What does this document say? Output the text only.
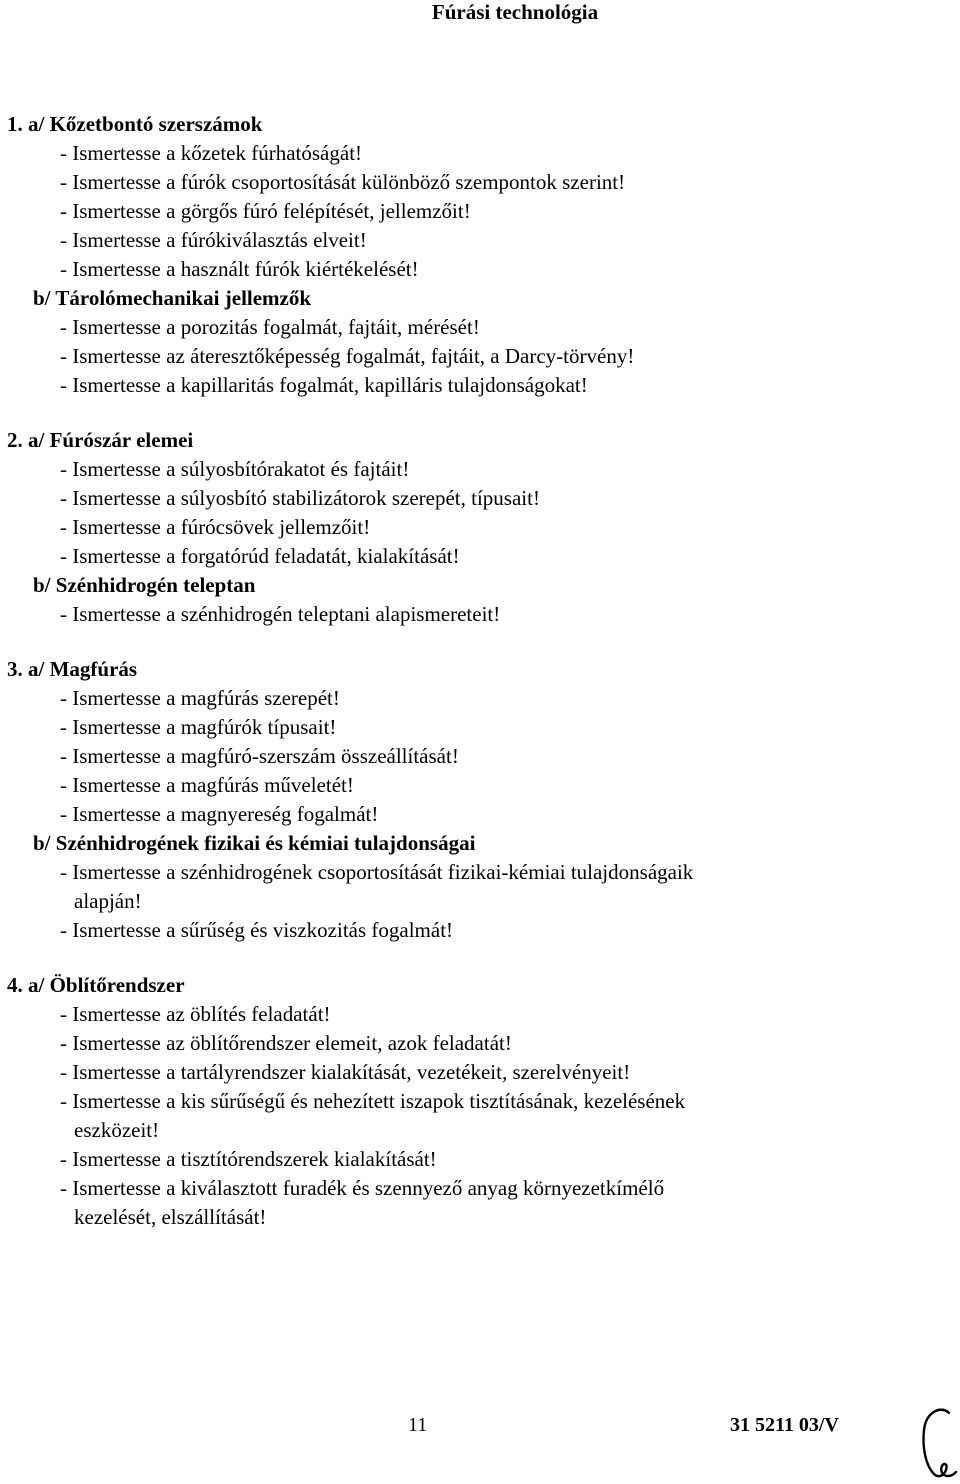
Fúrási technológia
1. a/ Kőzetbontó szerszámok
- Ismertesse a kőzetek fúrhatóságát!
- Ismertesse a fúrók csoportosítását különböző szempontok szerint!
- Ismertesse a görgős fúró felépítését, jellemzőit!
- Ismertesse a fúrókiválasztás elveit!
- Ismertesse a használt fúrók kiértékelését!
b/ Tárolómechanikai jellemzők
- Ismertesse a porozitás fogalmát, fajtáit, mérését!
- Ismertesse az áteresztőképesség fogalmát, fajtáit, a Darcy-törvény!
- Ismertesse a kapillaritás fogalmát, kapilláris tulajdonságokat!
2. a/ Fúrószár elemei
- Ismertesse a súlyosbítórakatot és fajtáit!
- Ismertesse a súlyosbító stabilizátorok szerepét, típusait!
- Ismertesse a fúrócsövek jellemzőit!
- Ismertesse a forgatórúd feladatát, kialakítását!
b/ Szénhidrogén teleptan
- Ismertesse a szénhidrogén teleptani alapismereteit!
3. a/ Magfúrás
- Ismertesse a magfúrás szerepét!
- Ismertesse a magfúrók típusait!
- Ismertesse a magfúró-szerszám összeállítását!
- Ismertesse a magfúrás műveletét!
- Ismertesse a magnyereség fogalmát!
b/ Szénhidrogének fizikai és kémiai tulajdonságai
- Ismertesse a szénhidrogének csoportosítását fizikai-kémiai tulajdonságaik
alapján!
- Ismertesse a sűrűség és viszkozitás fogalmát!
4. a/ Öblítőrendszer
- Ismertesse az öblítés feladatát!
- Ismertesse az öblítőrendszer elemeit, azok feladatát!
- Ismertesse a tartályrendszer kialakítását, vezetékeit, szerelvényeit!
- Ismertesse a kis sűrűségű és nehezített iszapok tisztításának, kezelésének
eszközeit!
- Ismertesse a tisztítórendszerek kialakítását!
- Ismertesse a kiválasztott furadék és szennyező anyag környezetkímélő
kezelését, elszállítását!
11	31 5211 03/V
